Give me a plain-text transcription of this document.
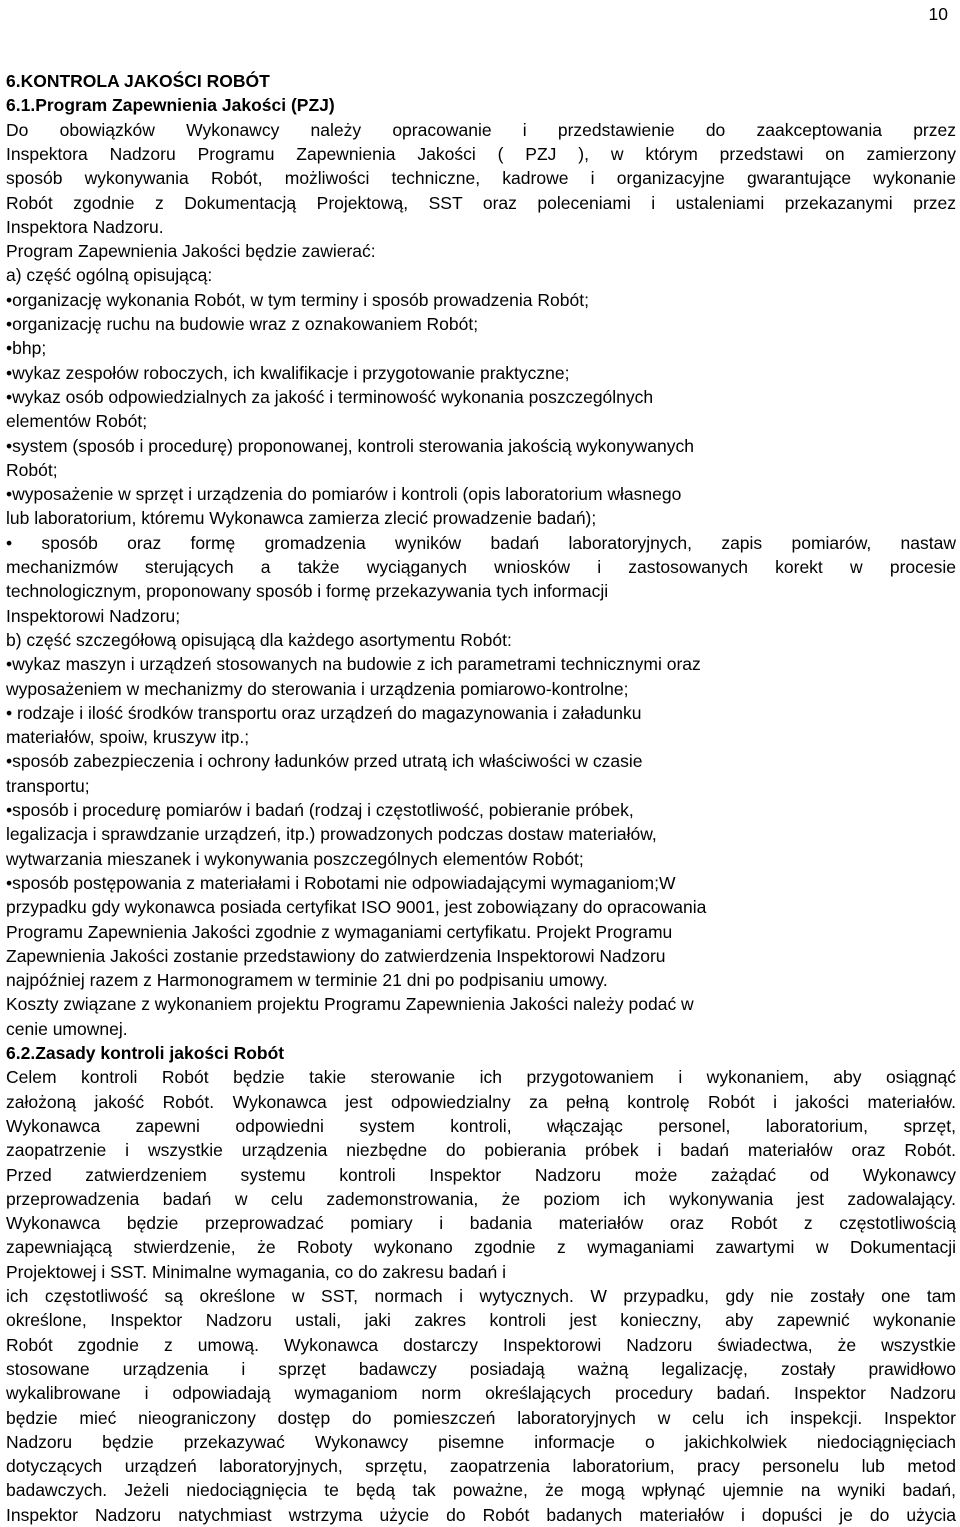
10
6.KONTROLA JAKOŚCI ROBÓT
6.1.Program Zapewnienia Jakości (PZJ)
Do obowiązków Wykonawcy należy opracowanie i przedstawienie do zaakceptowania przez
Inspektora Nadzoru Programu Zapewnienia Jakości ( PZJ ), w którym przedstawi on zamierzony
sposób wykonywania Robót, możliwości techniczne, kadrowe i organizacyjne gwarantujące wykonanie
Robót zgodnie z Dokumentacją Projektową, SST oraz poleceniami i ustaleniami przekazanymi przez
Inspektora Nadzoru.
Program Zapewnienia Jakości będzie zawierać:
a) część ogólną opisującą:
•organizację wykonania Robót, w tym terminy i sposób prowadzenia Robót;
•organizację ruchu na budowie wraz z oznakowaniem Robót;
•bhp;
•wykaz zespołów roboczych, ich kwalifikacje i przygotowanie praktyczne;
•wykaz osób odpowiedzialnych za jakość i terminowość wykonania poszczególnych
elementów Robót;
•system (sposób i procedurę) proponowanej, kontroli sterowania jakością wykonywanych
Robót;
•wyposażenie w sprzęt i urządzenia do pomiarów i kontroli (opis laboratorium własnego
lub laboratorium, któremu Wykonawca zamierza zlecić prowadzenie badań);
• sposób oraz formę gromadzenia wyników badań laboratoryjnych, zapis pomiarów, nastaw
mechanizmów sterujących a także wyciąganych wniosków i zastosowanych korekt w procesie
technologicznym, proponowany sposób i formę przekazywania tych informacji
Inspektorowi Nadzoru;
b) część szczegółową opisującą dla każdego asortymentu Robót:
•wykaz maszyn i urządzeń stosowanych na budowie z ich parametrami technicznymi oraz
wyposażeniem w mechanizmy do sterowania i urządzenia pomiarowo-kontrolne;
• rodzaje i ilość środków transportu oraz urządzeń do magazynowania i załadunku
materiałów, spoiw, kruszyw itp.;
•sposób zabezpieczenia i ochrony ładunków przed utratą ich właściwości w czasie
transportu;
•sposób i procedurę pomiarów i badań (rodzaj i częstotliwość, pobieranie próbek,
legalizacja i sprawdzanie urządzeń, itp.) prowadzonych podczas dostaw materiałów,
wytwarzania mieszanek i wykonywania poszczególnych elementów Robót;
•sposób postępowania z materiałami i Robotami nie odpowiadającymi wymaganiom;W
przypadku gdy wykonawca posiada certyfikat ISO 9001, jest zobowiązany do opracowania
Programu Zapewnienia Jakości zgodnie z wymaganiami certyfikatu. Projekt Programu
Zapewnienia Jakości zostanie przedstawiony do zatwierdzenia Inspektorowi Nadzoru
najpóźniej razem z Harmonogramem w terminie 21 dni po podpisaniu umowy.
Koszty związane z wykonaniem projektu Programu Zapewnienia Jakości należy podać w
cenie umownej.
6.2.Zasady kontroli jakości Robót
Celem kontroli Robót będzie takie sterowanie ich przygotowaniem i wykonaniem, aby osiągnąć
założoną jakość Robót. Wykonawca jest odpowiedzialny za pełną kontrolę Robót i jakości materiałów.
Wykonawca zapewni odpowiedni system kontroli, włączając personel, laboratorium, sprzęt,
zaopatrzenie i wszystkie urządzenia niezbędne do pobierania próbek i badań materiałów oraz Robót.
Przed zatwierdzeniem systemu kontroli Inspektor Nadzoru może zażądać od Wykonawcy
przeprowadzenia badań w celu zademonstrowania, że poziom ich wykonywania jest zadowalający.
Wykonawca będzie przeprowadzać pomiary i badania materiałów oraz Robót z częstotliwością
zapewniającą stwierdzenie, że Roboty wykonano zgodnie z wymaganiami zawartymi w Dokumentacji
Projektowej i SST. Minimalne wymagania, co do zakresu badań i
ich częstotliwość są określone w SST, normach i wytycznych. W przypadku, gdy nie zostały one tam
określone, Inspektor Nadzoru ustali, jaki zakres kontroli jest konieczny, aby zapewnić wykonanie
Robót zgodnie z umową. Wykonawca dostarczy Inspektorowi Nadzoru świadectwa, że wszystkie
stosowane urządzenia i sprzęt badawczy posiadają ważną legalizację, zostały prawidłowo
wykalibrowane i odpowiadają wymaganiom norm określających procedury badań. Inspektor Nadzoru
będzie mieć nieograniczony dostęp do pomieszczeń laboratoryjnych w celu ich inspekcji. Inspektor
Nadzoru będzie przekazywać Wykonawcy pisemne informacje o jakichkolwiek niedociągnięciach
dotyczących urządzeń laboratoryjnych, sprzętu, zaopatrzenia laboratorium, pracy personelu lub metod
badawczych. Jeżeli niedociągnięcia te będą tak poważne, że mogą wpłynąć ujemnie na wyniki badań,
Inspektor Nadzoru natychmiast wstrzyma użycie do Robót badanych materiałów i dopuści je do użycia
